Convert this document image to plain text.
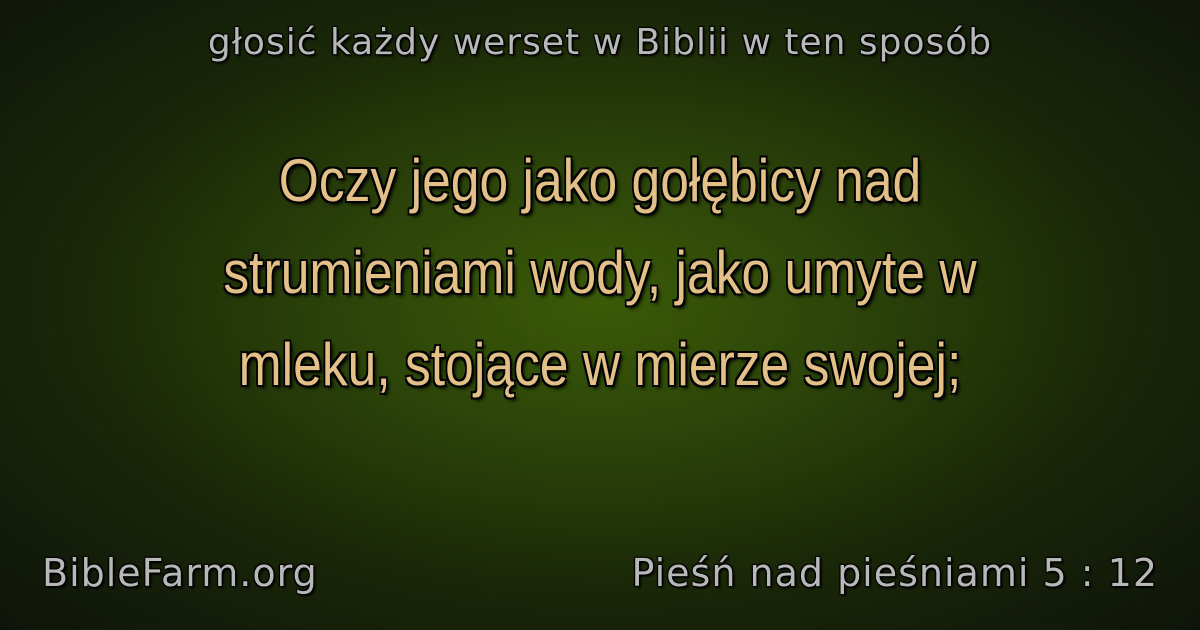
głosić każdy werset w Biblii w ten sposób
Oczy jego jako gołębicy nad
strumieniami wody, jako umyte w
mleku, stojące w mierze swojej;
BibleFarm.org	Pieśń nad pieśniami 5 : 12
